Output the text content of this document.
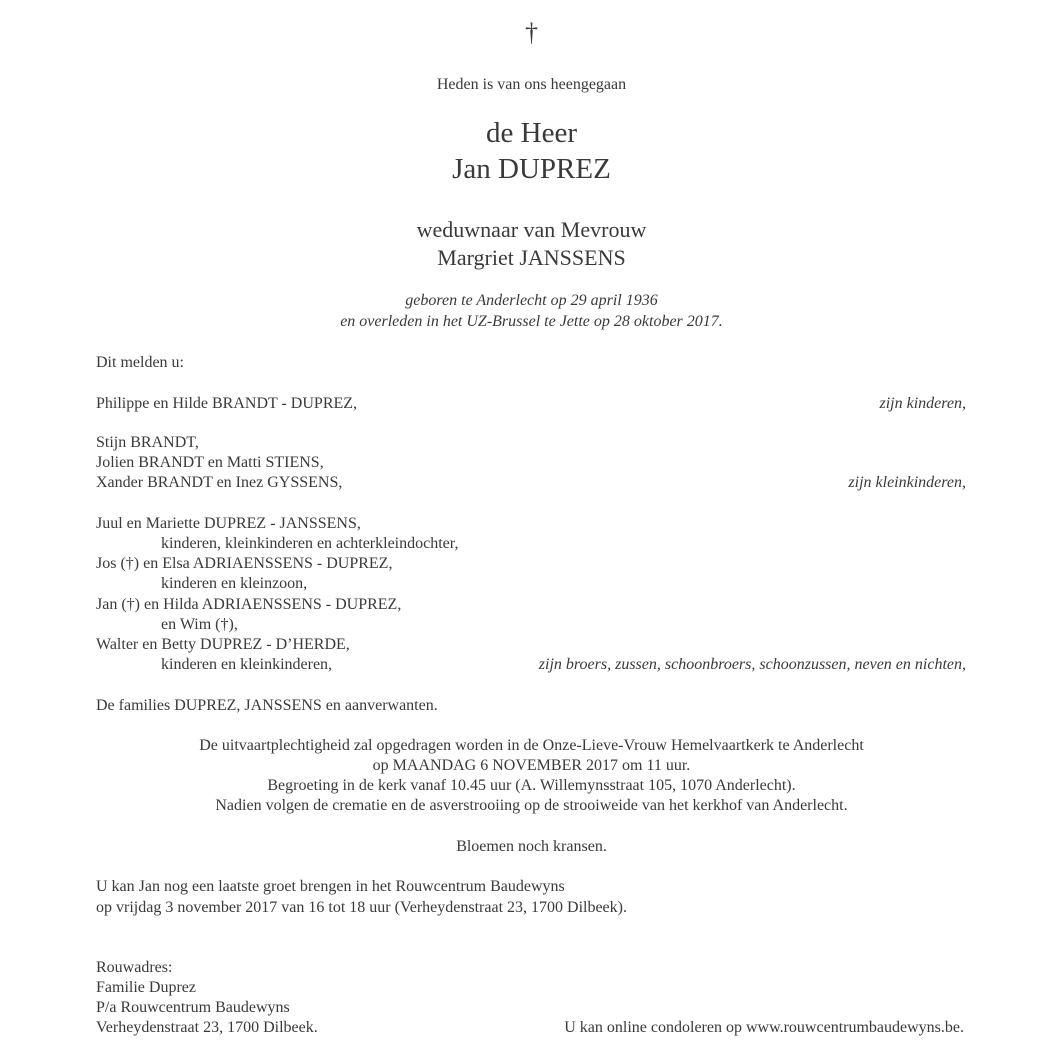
†
Heden is van ons heengegaan
de Heer
Jan DUPREZ
weduwnaar van Mevrouw
Margriet JANSSENS
geboren te Anderlecht op 29 april 1936
en overleden in het UZ-Brussel te Jette op 28 oktober 2017.
Dit melden u:
Philippe en Hilde BRANDT - DUPREZ,	zijn kinderen,
Stijn BRANDT,
Jolien BRANDT en Matti STIENS,
Xander BRANDT en Inez GYSSENS,	zijn kleinkinderen,
Juul en Mariette DUPREZ - JANSSENS,
kinderen, kleinkinderen en achterkleindochter,
Jos (†) en Elsa ADRIAENSSENS - DUPREZ,
kinderen en kleinzoon,
Jan (†) en Hilda ADRIAENSSENS - DUPREZ,
en Wim (†),
Walter en Betty DUPREZ - D’HERDE,
kinderen en kleinkinderen,	zijn broers, zussen, schoonbroers, schoonzussen, neven en nichten,
De families DUPREZ, JANSSENS en aanverwanten.
De uitvaartplechtigheid zal opgedragen worden in de Onze-Lieve-Vrouw Hemelvaartkerk te Anderlecht
op MAANDAG 6 NOVEMBER 2017 om 11 uur.
Begroeting in de kerk vanaf 10.45 uur (A. Willemynsstraat 105, 1070 Anderlecht).
Nadien volgen de crematie en de asverstrooiing op de strooiweide van het kerkhof van Anderlecht.
Bloemen noch kransen.
U kan Jan nog een laatste groet brengen in het Rouwcentrum Baudewyns
op vrijdag 3 november 2017 van 16 tot 18 uur (Verheydenstraat 23, 1700 Dilbeek).
Rouwadres:
Familie Duprez
P/a Rouwcentrum Baudewyns
Verheydenstraat 23, 1700 Dilbeek.	U kan online condoleren op www.rouwcentrumbaudewyns.be.
